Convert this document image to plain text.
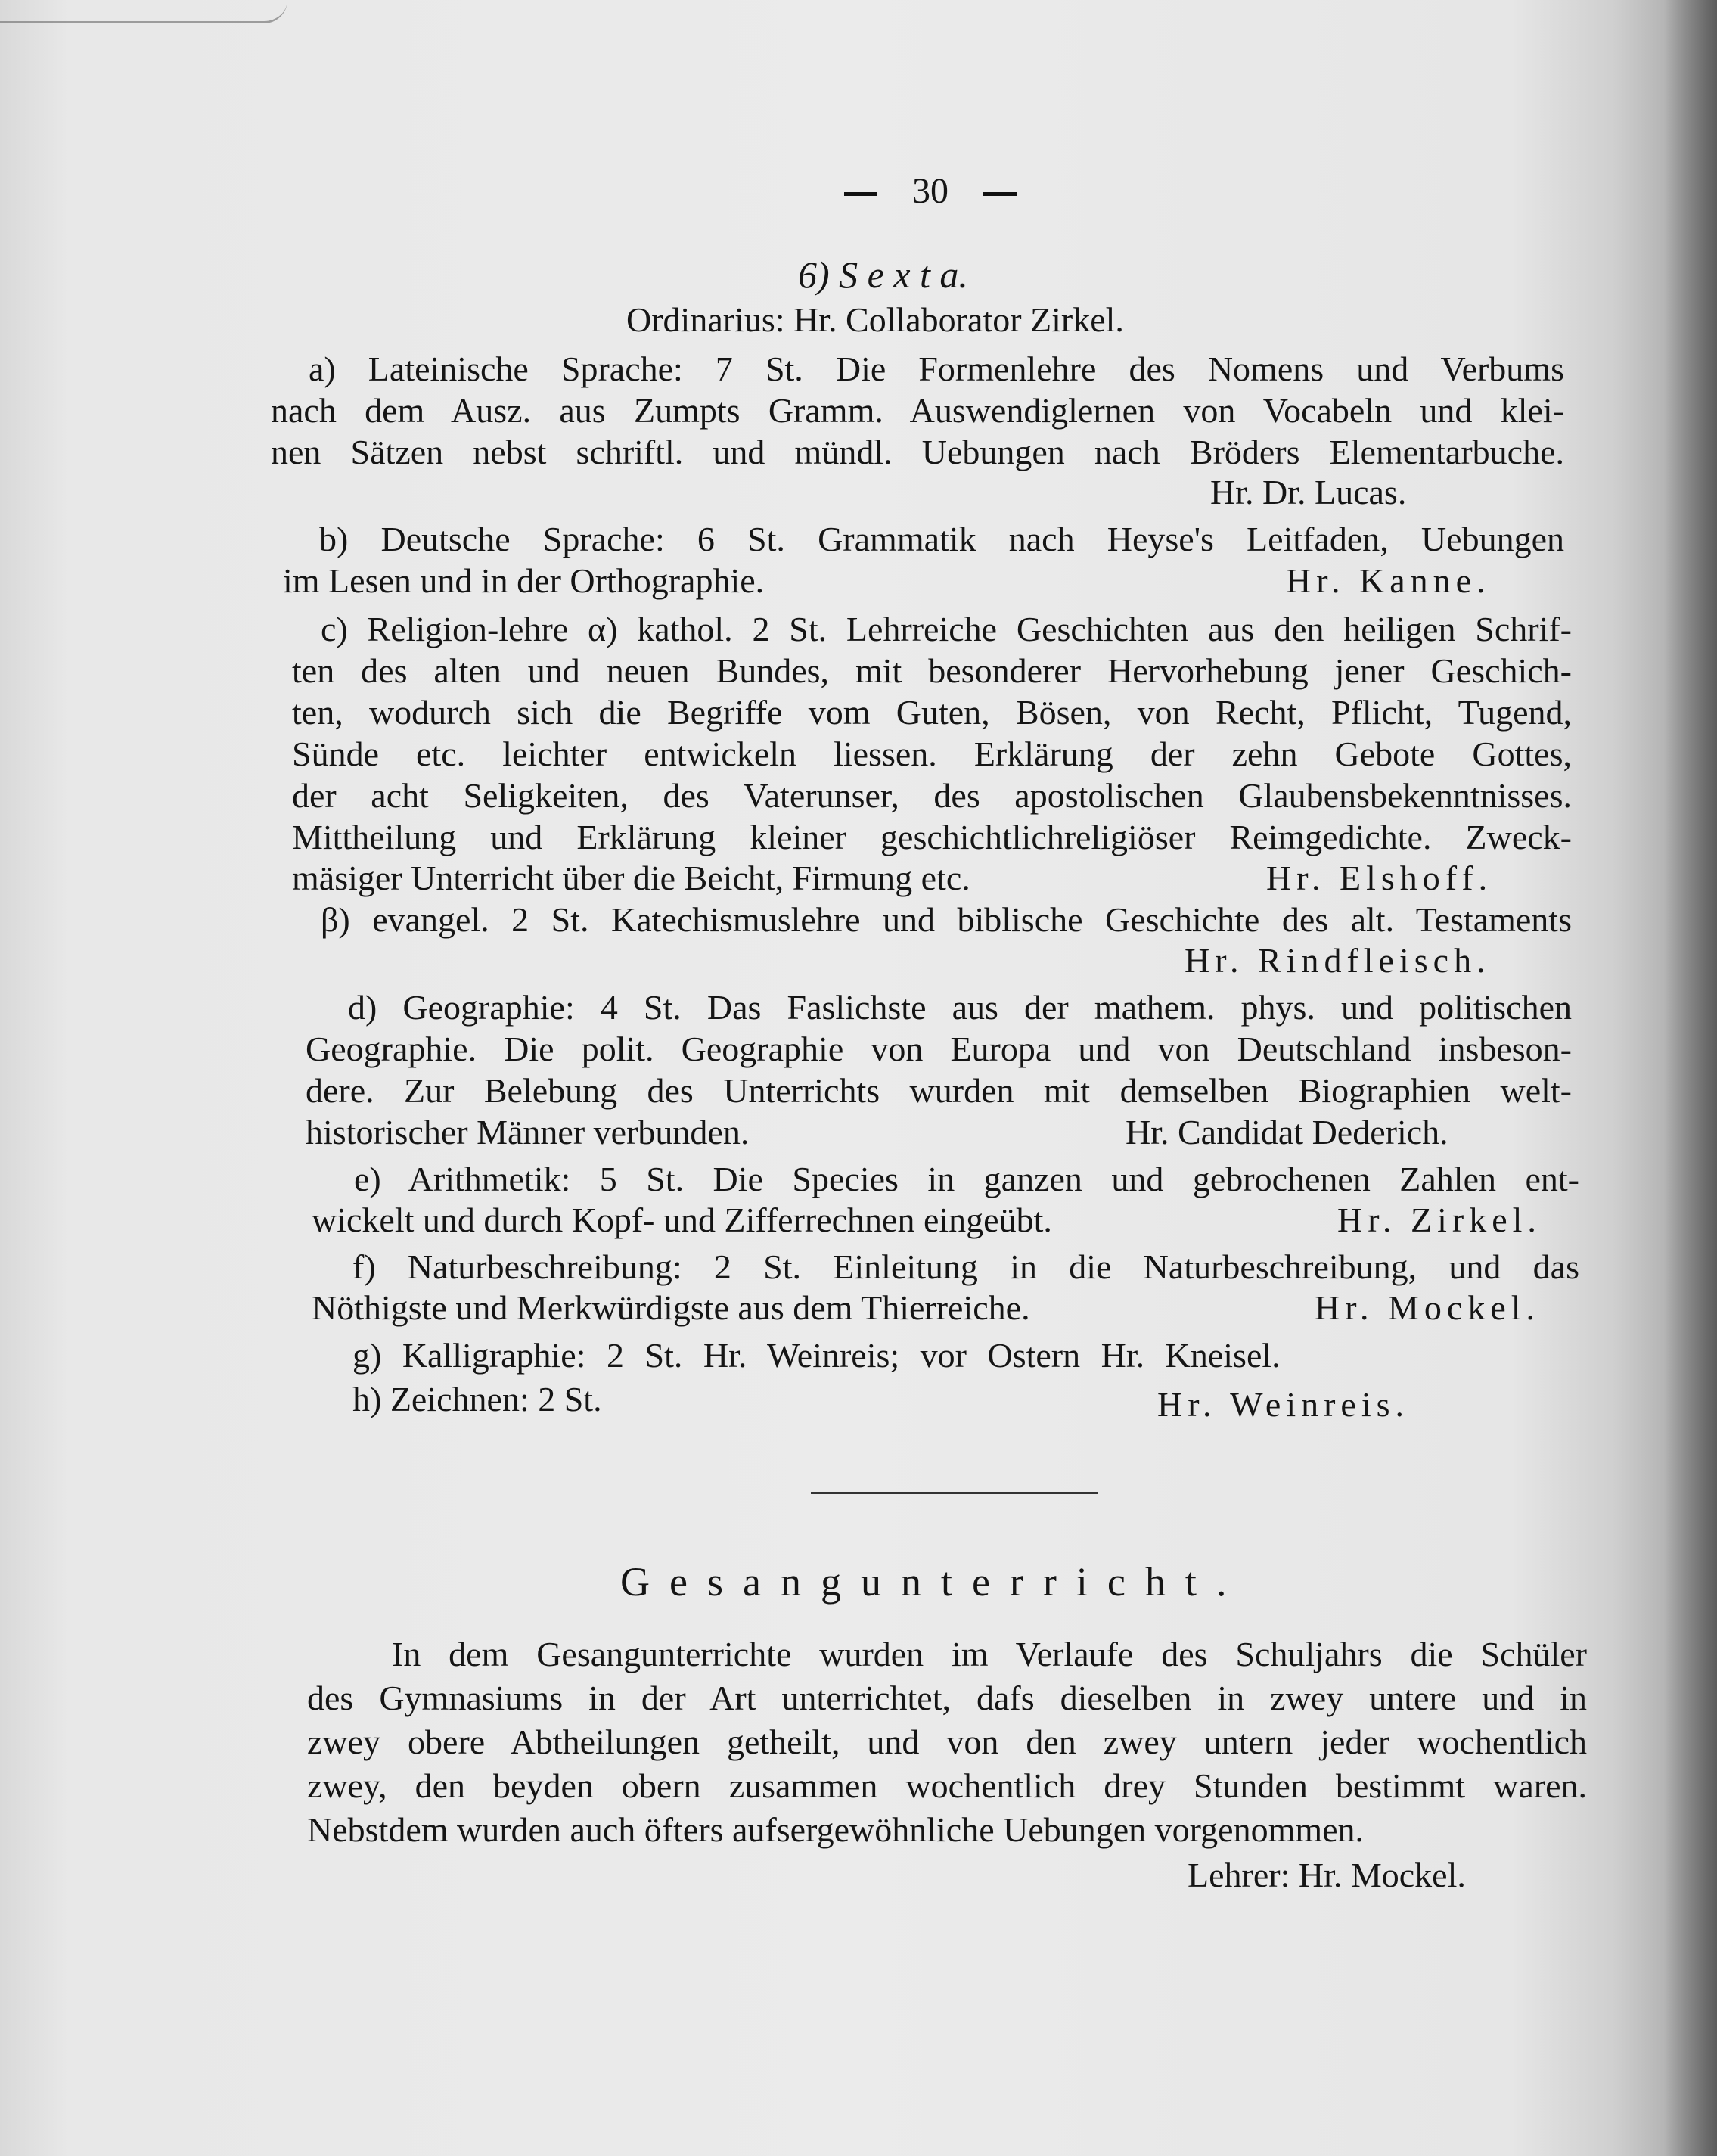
30
6) S e x t a.
Ordinarius: Hr. Collaborator Zirkel.
a) Lateinische Sprache: 7 St. Die Formenlehre des Nomens und Verbums
nach dem Ausz. aus Zumpts Gramm. Auswendiglernen von Vocabeln und klei-
nen Sätzen nebst schriftl. und mündl. Uebungen nach Bröders Elementarbuche.
Hr. Dr. Lucas.
b) Deutsche Sprache: 6 St. Grammatik nach Heyse's Leitfaden, Uebungen
im Lesen und in der Orthographie.	Hr. Kanne.
c) Religion-lehre α) kathol. 2 St. Lehrreiche Geschichten aus den heiligen Schrif-
ten des alten und neuen Bundes, mit besonderer Hervorhebung jener Geschich-
ten, wodurch sich die Begriffe vom Guten, Bösen, von Recht, Pflicht, Tugend,
Sünde etc. leichter entwickeln liessen. Erklärung der zehn Gebote Gottes,
der acht Seligkeiten, des Vaterunser, des apostolischen Glaubensbekenntnisses.
Mittheilung und Erklärung kleiner geschichtlichreligiöser Reimgedichte. Zweck-
mäsiger Unterricht über die Beicht, Firmung etc.	Hr. Elshoff.
β) evangel. 2 St. Katechismuslehre und biblische Geschichte des alt. Testaments
Hr. Rindfleisch.
d) Geographie: 4 St. Das Faslichste aus der mathem. phys. und politischen
Geographie. Die polit. Geographie von Europa und von Deutschland insbeson-
dere. Zur Belebung des Unterrichts wurden mit demselben Biographien welt-
historischer Männer verbunden.	Hr. Candidat Dederich.
e) Arithmetik: 5 St. Die Species in ganzen und gebrochenen Zahlen ent-
wickelt und durch Kopf- und Zifferrechnen eingeübt.	Hr. Zirkel.
f) Naturbeschreibung: 2 St. Einleitung in die Naturbeschreibung, und das
Nöthigste und Merkwürdigste aus dem Thierreiche.	Hr. Mockel.
g) Kalligraphie: 2 St. Hr. Weinreis; vor Ostern Hr. Kneisel.
h) Zeichnen: 2 St.	Hr. Weinreis.
Gesangunterricht.
In dem Gesangunterrichte wurden im Verlaufe des Schuljahrs die Schüler
des Gymnasiums in der Art unterrichtet, dafs dieselben in zwey untere und in
zwey obere Abtheilungen getheilt, und von den zwey untern jeder wochentlich
zwey, den beyden obern zusammen wochentlich drey Stunden bestimmt waren.
Nebstdem wurden auch öfters aufsergewöhnliche Uebungen vorgenommen.
Lehrer: Hr. Mockel.
